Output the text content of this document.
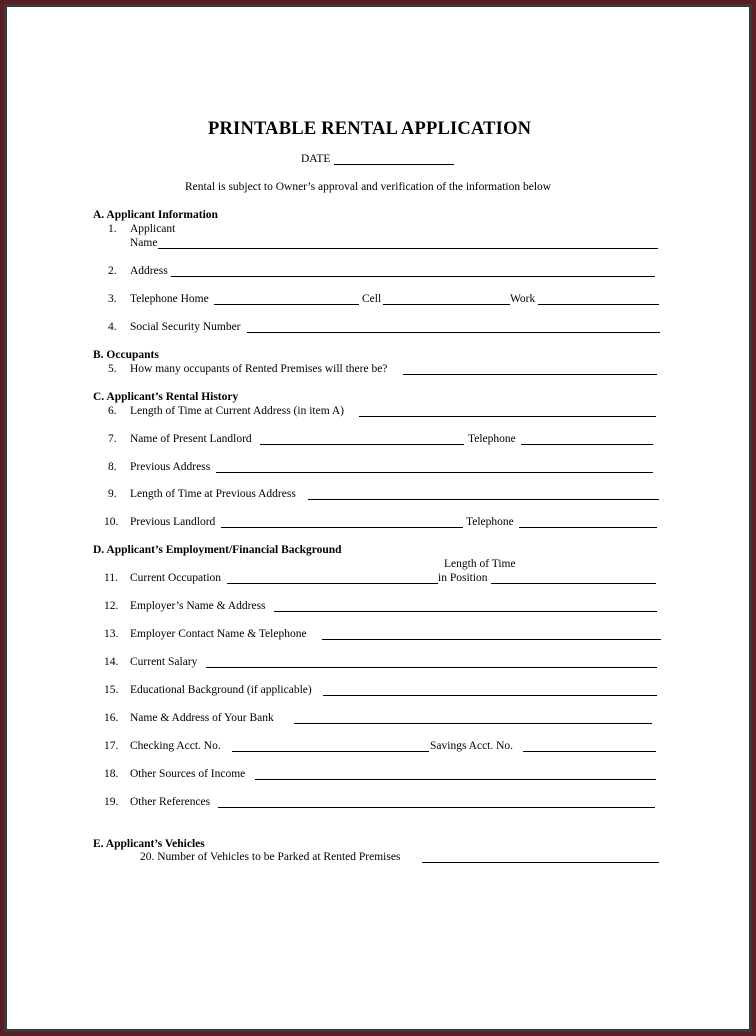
PRINTABLE RENTAL APPLICATION
DATE
Rental is subject to Owner’s approval and verification of the information below
A. Applicant Information
1. Applicant
Name
2. Address
3. Telephone Home	Cell	Work
4. Social Security Number
B. Occupants
5. How many occupants of Rented Premises will there be?
C. Applicant’s Rental History
6. Length of Time at Current Address (in item A)
7. Name of Present Landlord	Telephone
8. Previous Address
9. Length of Time at Previous Address
10. Previous Landlord	Telephone
D. Applicant’s Employment/Financial Background
Length of Time
11. Current Occupation	in Position
12. Employer’s Name & Address
13. Employer Contact Name & Telephone
14. Current Salary
15. Educational Background (if applicable)
16. Name & Address of Your Bank
17. Checking Acct. No.	Savings Acct. No.
18. Other Sources of Income
19. Other References
E. Applicant’s Vehicles
20. Number of Vehicles to be Parked at Rented Premises
